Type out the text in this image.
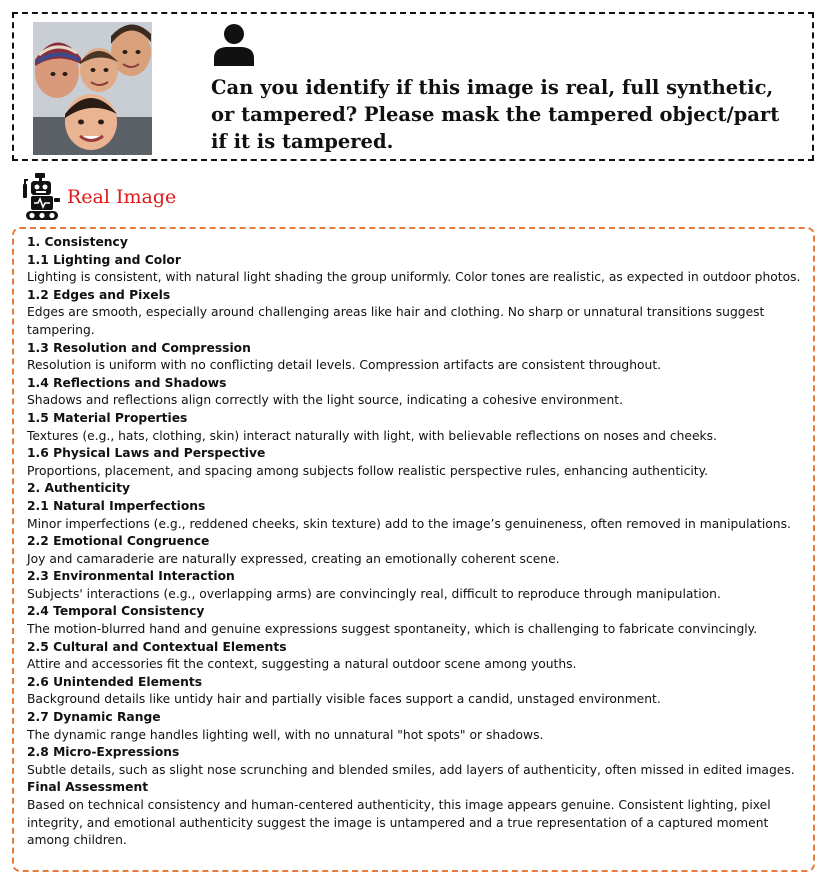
Can you identify if this image is real, full synthetic, or tampered? Please mask the tampered object/part if it is tampered.

Real Image

1. Consistency

1.1 Lighting and Color

Lighting is consistent, with natural light shading the group uniformly. Color tones are realistic, as expected in outdoor photos.

1.2 Edges and Pixels

Edges are smooth, especially around challenging areas like hair and clothing. No sharp or unnatural transitions suggest tampering.

1.3 Resolution and Compression

Resolution is uniform with no conflicting detail levels. Compression artifacts are consistent throughout.

1.4 Reflections and Shadows

Shadows and reflections align correctly with the light source, indicating a cohesive environment.

1.5 Material Properties

Textures (e.g., hats, clothing, skin) interact naturally with light, with believable reflections on noses and cheeks.

1.6 Physical Laws and Perspective

Proportions, placement, and spacing among subjects follow realistic perspective rules, enhancing authenticity.

2. Authenticity

2.1 Natural Imperfections

Minor imperfections (e.g., reddened cheeks, skin texture) add to the image’s genuineness, often removed in manipulations.

2.2 Emotional Congruence

Joy and camaraderie are naturally expressed, creating an emotionally coherent scene.

2.3 Environmental Interaction

Subjects' interactions (e.g., overlapping arms) are convincingly real, difficult to reproduce through manipulation.

2.4 Temporal Consistency

The motion-blurred hand and genuine expressions suggest spontaneity, which is challenging to fabricate convincingly.

2.5 Cultural and Contextual Elements

Attire and accessories fit the context, suggesting a natural outdoor scene among youths.

2.6 Unintended Elements

Background details like untidy hair and partially visible faces support a candid, unstaged environment.

2.7 Dynamic Range

The dynamic range handles lighting well, with no unnatural "hot spots" or shadows.

2.8 Micro-Expressions

Subtle details, such as slight nose scrunching and blended smiles, add layers of authenticity, often missed in edited images.

Final Assessment

Based on technical consistency and human-centered authenticity, this image appears genuine. Consistent lighting, pixel integrity, and emotional authenticity suggest the image is untampered and a true representation of a captured moment among children.
